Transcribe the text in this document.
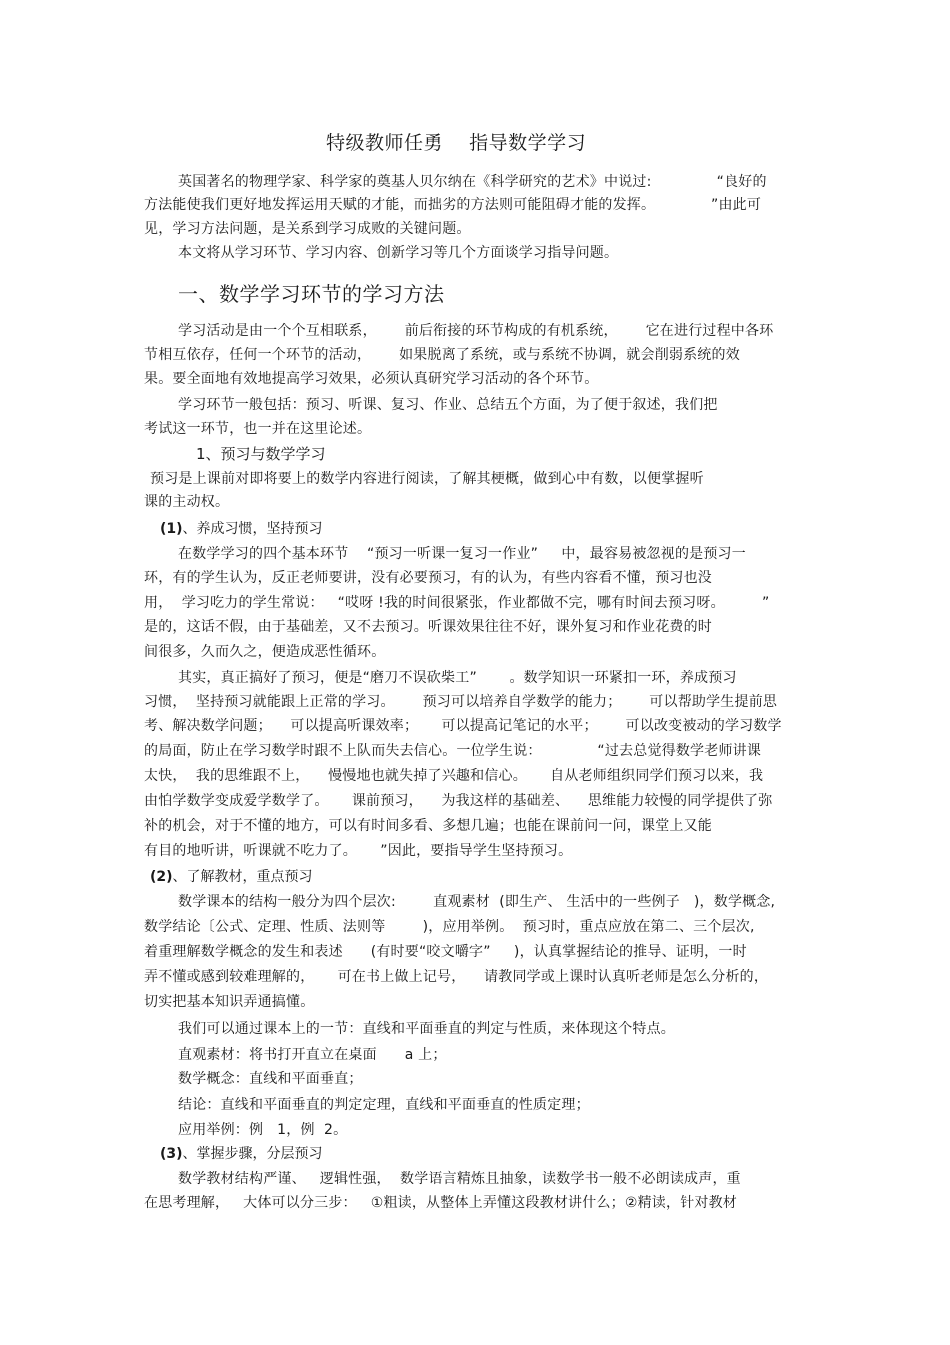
特级教师任勇    指导数学学习
英国著名的物理学家、科学家的奠基人贝尔纳在《科学研究的艺术》中说过:              “良好的
方法能使我们更好地发挥运用天赋的才能，而拙劣的方法则可能阻碍才能的发挥。            ”由此可
见，学习方法问题，是关系到学习成败的关键问题。
本文将从学习环节、学习内容、创新学习等几个方面谈学习指导问题。
一、数学学习环节的学习方法
学习活动是由一个个互相联系，      前后衔接的环节构成的有机系统，      它在进行过程中各环
节相互依存，任何一个环节的活动，      如果脱离了系统，或与系统不协调，就会削弱系统的效
果。要全面地有效地提高学习效果，必须认真研究学习活动的各个环节。
学习环节一般包括：预习、听课、复习、作业、总结五个方面，为了便于叙述，我们把
考试这一环节，也一并在这里论述。
1、预习与数学学习
预习是上课前对即将要上的数学内容进行阅读，了解其梗概，做到心中有数，以便掌握听
课的主动权。
(1)、养成习惯，坚持预习
在数学学习的四个基本环节    “预习一听课一复习一作业”     中，最容易被忽视的是预习一
环，有的学生认为，反正老师要讲，没有必要预习，有的认为，有些内容看不懂，预习也没
用，  学习吃力的学生常说：   “哎呀 !我的时间很紧张，作业都做不完，哪有时间去预习呀。        ”
是的，这话不假，由于基础差，又不去预习。听课效果往往不好，课外复习和作业花费的时
间很多，久而久之，便造成恶性循环。
其实，真正搞好了预习，便是“磨刀不误砍柴工”       。数学知识一环紧扣一环，养成预习
习惯，  坚持预习就能跟上正常的学习。      预习可以培养自学数学的能力；      可以帮助学生提前思
考、解决数学问题；    可以提高听课效率；     可以提高记笔记的水平；      可以改变被动的学习数学
的局面，防止在学习数学时跟不上队而失去信心。一位学生说：            “过去总觉得数学老师讲课
太快，  我的思维跟不上，    慢慢地也就失掉了兴趣和信心。     自从老师组织同学们预习以来，我
由怕学数学变成爱学数学了。     课前预习，    为我这样的基础差、    思维能力较慢的同学提供了弥
补的机会，对于不懂的地方，可以有时间多看、多想几遍；也能在课前问一问，课堂上又能
有目的地听讲，听课就不吃力了。     ”因此，要指导学生坚持预习。
(2)、了解教材，重点预习
数学课本的结构一般分为四个层次:        直观素材  (即生产、 生活中的一些例子   )，数学概念,
数学结论〔公式、定理、性质、法则等        )，应用举例。  预习时，重点应放在第二、三个层次,
着重理解数学概念的发生和表述      (有时要“咬文嚼字”     )，认真掌握结论的推导、证明，一时
弄不懂或感到较难理解的，     可在书上做上记号，    请教同学或上课时认真听老师是怎么分析的，
切实把基本知识弄通搞懂。
我们可以通过课本上的一节：直线和平面垂直的判定与性质，来体现这个特点。
直观素材：将书打开直立在桌面      a 上；
数学概念：直线和平面垂直；
结论：直线和平面垂直的判定定理，直线和平面垂直的性质定理；
应用举例：例   1，例  2。
(3)、掌握步骤，分层预习
数学教材结构严谨、   逻辑性强，  数学语言精炼且抽象，读数学书一般不必朗读成声，重
在思考理解，   大体可以分三步：   ①粗读，从整体上弄懂这段教材讲什么；②精读，针对教材
